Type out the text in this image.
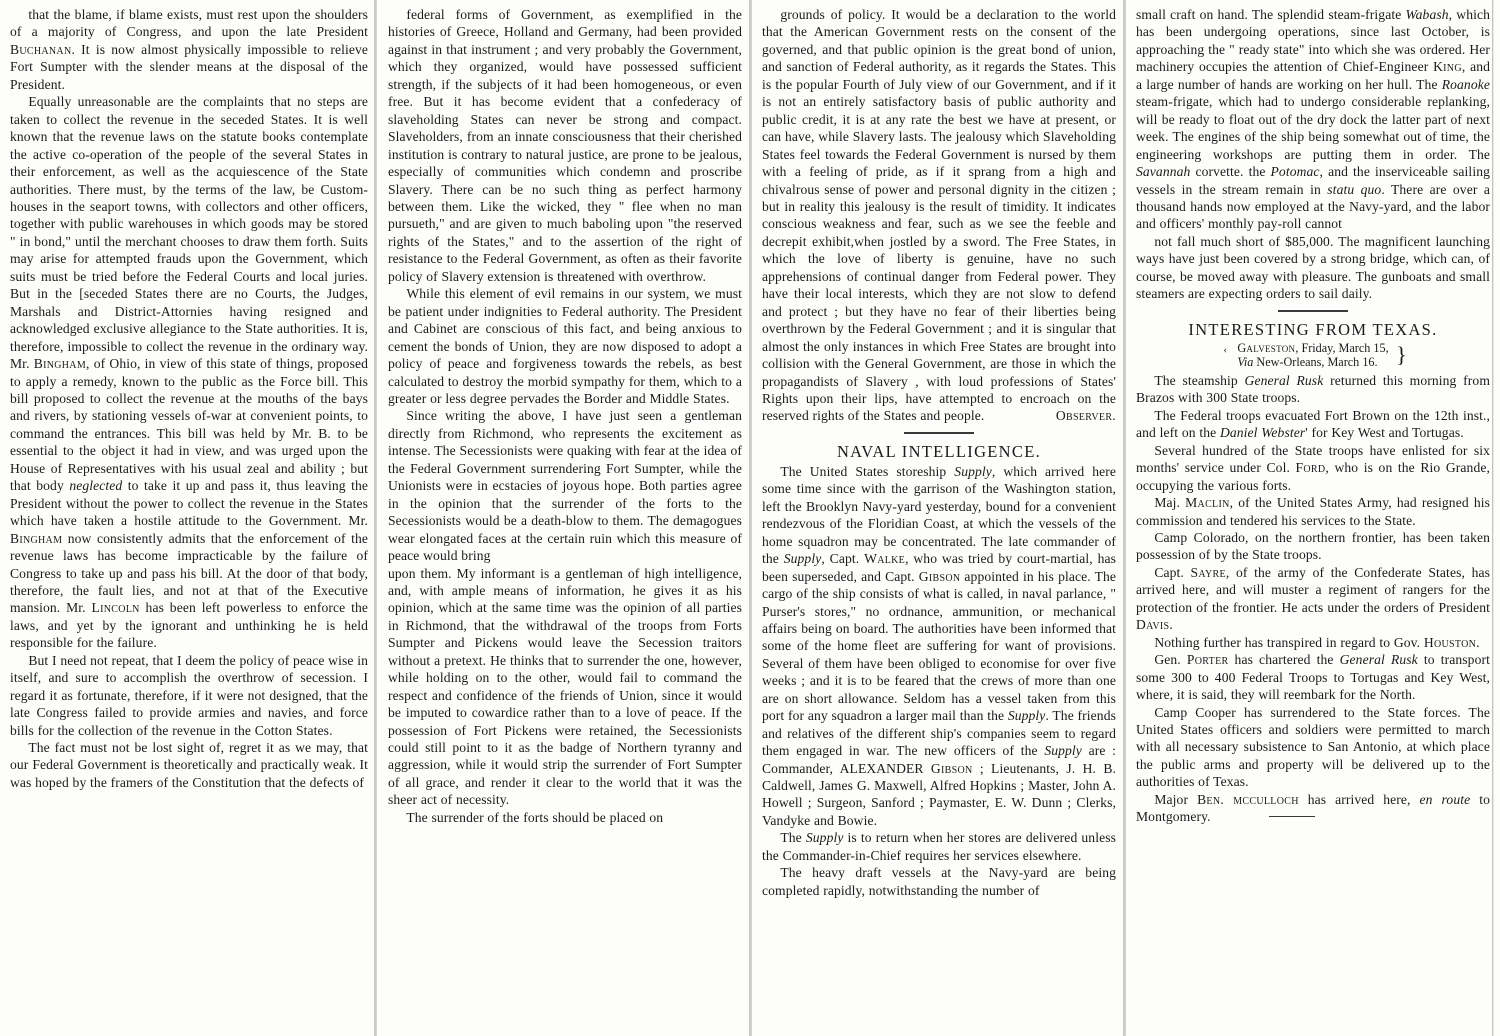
that the blame, if blame exists, must rest upon the shoulders of a majority of Congress, and upon the late President Buchanan. It is now almost physically impossible to relieve Fort Sumpter with the slender means at the disposal of the President.

Equally unreasonable are the complaints that no steps are taken to collect the revenue in the seceded States. It is well known that the revenue laws on the statute books contemplate the active co-operation of the people of the several States in their enforcement, as well as the acquiescence of the State authorities. There must, by the terms of the law, be Custom-houses in the seaport towns, with collectors and other officers, together with public warehouses in which goods may be stored " in bond," until the merchant chooses to draw them forth. Suits may arise for attempted frauds upon the Government, which suits must be tried before the Federal Courts and local juries. But in the [seceded States there are no Courts, the Judges, Marshals and District-Attornies having resigned and acknowledged exclusive allegiance to the State authorities. It is, therefore, impossible to collect the revenue in the ordinary way. Mr. Bingham, of Ohio, in view of this state of things, proposed to apply a remedy, known to the public as the Force bill. This bill proposed to collect the revenue at the mouths of the bays and rivers, by stationing vessels of-war at convenient points, to command the entrances. This bill was held by Mr. B. to be essential to the object it had in view, and was urged upon the House of Representatives with his usual zeal and ability ; but that body neglected to take it up and pass it, thus leaving the President without the power to collect the revenue in the States which have taken a hostile attitude to the Government. Mr. Bingham now consistently admits that the enforcement of the revenue laws has become impracticable by the failure of Congress to take up and pass his bill. At the door of that body, therefore, the fault lies, and not at that of the Executive mansion. Mr. Lincoln has been left powerless to enforce the laws, and yet by the ignorant and unthinking he is held responsible for the failure.

But I need not repeat, that I deem the policy of peace wise in itself, and sure to accomplish the overthrow of secession. I regard it as fortunate, therefore, if it were not designed, that the late Congress failed to provide armies and navies, and force bills for the collection of the revenue in the Cotton States.

The fact must not be lost sight of, regret it as we may, that our Federal Government is theoretically and practically weak. It was hoped by the framers of the Constitution that the defects of

federal forms of Government, as exemplified in the histories of Greece, Holland and Germany, had been provided against in that instrument ; and very probably the Government, which they organized, would have possessed sufficient strength, if the subjects of it had been homogeneous, or even free. But it has become evident that a confederacy of slaveholding States can never be strong and compact. Slaveholders, from an innate consciousness that their cherished institution is contrary to natural justice, are prone to be jealous, especially of communities which condemn and proscribe Slavery. There can be no such thing as perfect harmony between them. Like the wicked, they " flee when no man pursueth," and are given to much baboling upon "the reserved rights of the States," and to the assertion of the right of resistance to the Federal Government, as often as their favorite policy of Slavery extension is threatened with overthrow.

While this element of evil remains in our system, we must be patient under indignities to Federal authority. The President and Cabinet are conscious of this fact, and being anxious to cement the bonds of Union, they are now disposed to adopt a policy of peace and forgiveness towards the rebels, as best calculated to destroy the morbid sympathy for them, which to a greater or less degree pervades the Border and Middle States.

Since writing the above, I have just seen a gentleman directly from Richmond, who represents the excitement as intense. The Secessionists were quaking with fear at the idea of the Federal Government surrendering Fort Sumpter, while the Unionists were in ecstacies of joyous hope. Both parties agree in the opinion that the surrender of the forts to the Secessionists would be a death-blow to them. The demagogues wear elongated faces at the certain ruin which this measure of peace would bring

upon them. My informant is a gentleman of high intelligence, and, with ample means of information, he gives it as his opinion, which at the same time was the opinion of all parties in Richmond, that the withdrawal of the troops from Forts Sumpter and Pickens would leave the Secession traitors without a pretext. He thinks that to surrender the one, however, while holding on to the other, would fail to command the respect and confidence of the friends of Union, since it would be imputed to cowardice rather than to a love of peace. If the possession of Fort Pickens were retained, the Secessionists could still point to it as the badge of Northern tyranny and aggression, while it would strip the surrender of Fort Sumpter of all grace, and render it clear to the world that it was the sheer act of necessity.

The surrender of the forts should be placed on

grounds of policy. It would be a declaration to the world that the American Government rests on the consent of the governed, and that public opinion is the great bond of union, and sanction of Federal authority, as it regards the States. This is the popular Fourth of July view of our Government, and if it is not an entirely satisfactory basis of public authority and public credit, it is at any rate the best we have at present, or can have, while Slavery lasts. The jealousy which Slaveholding States feel towards the Federal Government is nursed by them with a feeling of pride, as if it sprang from a high and chivalrous sense of power and personal dignity in the citizen ; but in reality this jealousy is the result of timidity. It indicates conscious weakness and fear, such as we see the feeble and decrepit exhibit,when jostled by a sword. The Free States, in which the love of liberty is genuine, have no such apprehensions of continual danger from Federal power. They have their local interests, which they are not slow to defend and protect ; but they have no fear of their liberties being overthrown by the Federal Government ; and it is singular that almost the only instances in which Free States are brought into collision with the General Government, are those in which the propagandists of Slavery , with loud professions of States' Rights upon their lips, have attempted to encroach on the reserved rights of the States and people.	Observer.

NAVAL INTELLIGENCE.

The United States storeship Supply, which arrived here some time since with the garrison of the Washington station, left the Brooklyn Navy-yard yesterday, bound for a convenient rendezvous of the Floridian Coast, at which the vessels of the home squadron may be concentrated. The late commander of the Supply, Capt. Walke, who was tried by court-martial, has been superseded, and Capt. Gibson appointed in his place. The cargo of the ship consists of what is called, in naval parlance, " Purser's stores," no ordnance, ammunition, or mechanical affairs being on board. The authorities have been informed that some of the home fleet are suffering for want of provisions. Several of them have been obliged to economise for over five weeks ; and it is to be feared that the crews of more than one are on short allowance. Seldom has a vessel taken from this port for any squadron a larger mail than the Supply. The friends and relatives of the different ship's companies seem to regard them engaged in war. The new officers of the Supply are : Commander, ALEXANDER Gibson ; Lieutenants, J. H. B. Caldwell, James G. Maxwell, Alfred Hopkins ; Master, John A. Howell ; Surgeon, Sanford ; Paymaster, E. W. Dunn ; Clerks, Vandyke and Bowie.

The Supply is to return when her stores are delivered unless the Commander-in-Chief requires her services elsewhere.

The heavy draft vessels at the Navy-yard are being completed rapidly, notwithstanding the number of

small craft on hand. The splendid steam-frigate Wabash, which has been undergoing operations, since last October, is approaching the " ready state" into which she was ordered. Her machinery occupies the attention of Chief-Engineer King, and a large number of hands are working on her hull. The Roanoke steam-frigate, which had to undergo considerable replanking, will be ready to float out of the dry dock the latter part of next week. The engines of the ship being somewhat out of time, the engineering workshops are putting them in order. The Savannah corvette. the Potomac, and the inserviceable sailing vessels in the stream remain in statu quo. There are over a thousand hands now employed at the Navy-yard, and the labor and officers' monthly pay-roll cannot

not fall much short of $85,000. The magnificent launching ways have just been covered by a strong bridge, which can, of course, be moved away with pleasure. The gunboats and small steamers are expecting orders to sail daily.

INTERESTING FROM TEXAS.
‹ Galveston, Friday, March 15,
Via New-Orleans, March 16. }

The steamship General Rusk returned this morning from Brazos with 300 State troops.

The Federal troops evacuated Fort Brown on the 12th inst., and left on the Daniel Webster' for Key West and Tortugas.

Several hundred of the State troops have enlisted for six months' service under Col. Ford, who is on the Rio Grande, occupying the various forts.

Maj. Maclin, of the United States Army, had resigned his commission and tendered his services to the State.

Camp Colorado, on the northern frontier, has been taken possession of by the State troops.

Capt. Sayre, of the army of the Confederate States, has arrived here, and will muster a regiment of rangers for the protection of the frontier. He acts under the orders of President Davis.

Nothing further has transpired in regard to Gov. Houston.

Gen. Porter has chartered the General Rusk to transport some 300 to 400 Federal Troops to Tortugas and Key West, where, it is said, they will reembark for the North.

Camp Cooper has surrendered to the State forces. The United States officers and soldiers were permitted to march with all necessary subsistence to San Antonio, at which place the public arms and property will be delivered up to the authorities of Texas.

Major Ben. mcculloch has arrived here, en route to Montgomery.
